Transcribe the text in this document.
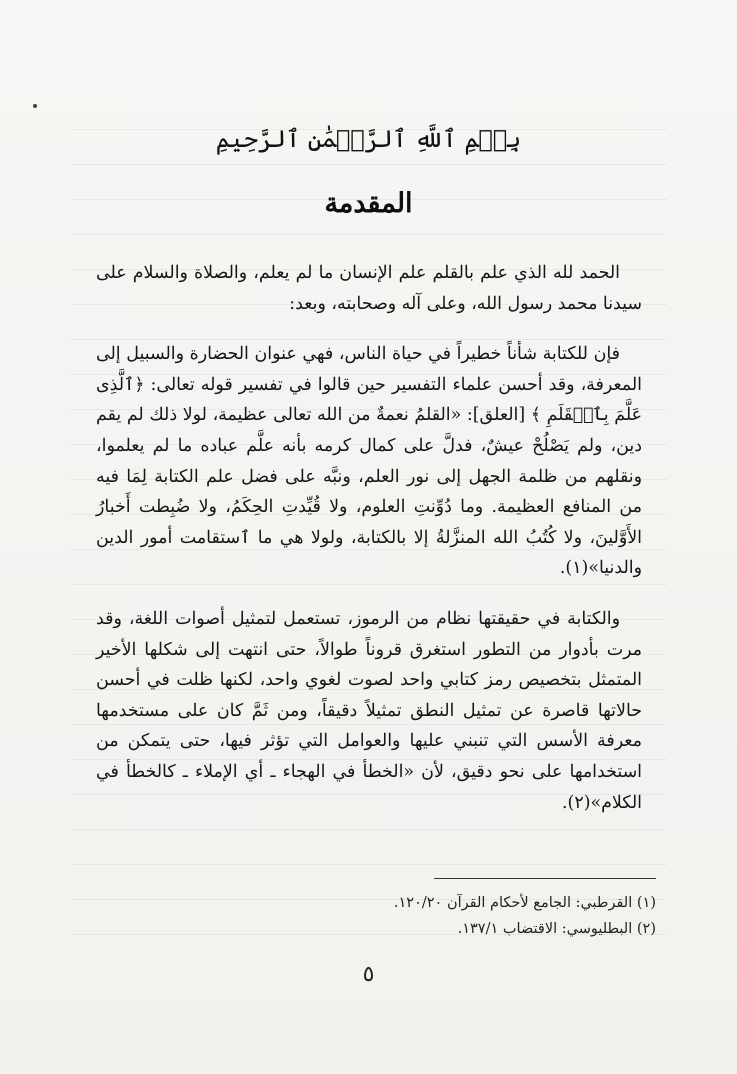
بِسۡمِ ٱللَّهِ ٱلرَّحۡمَٰنِ ٱلرَّحِيمِ
المقدمة

الحمد لله الذي علم بالقلم علم الإنسان ما لم يعلم، والصلاة والسلام على سيدنا محمد رسول الله، وعلى آله وصحابته، وبعد:

فإن للكتابة شأناً خطيراً في حياة الناس، فهي عنوان الحضارة والسبيل إلى المعرفة، وقد أحسن علماء التفسير حين قالوا في تفسير قوله تعالى: ﴿ٱلَّذِى عَلَّمَ بِٱلۡقَلَمِ ﴾ [العلق]: «القلمُ نعمةٌ من الله تعالى عظيمة، لولا ذلك لم يقم دين، ولم يَصْلُحْ عيشٌ، فدلَّ على كمال كرمه بأنه علَّم عباده ما لم يعلموا، ونقلهم من ظلمة الجهل إلى نور العلم، ونبَّه على فضل علم الكتابة لِمَا فيه من المنافع العظيمة. وما دُوِّنتِ العلوم، ولا قُيِّدتِ الحِكَمُ، ولا ضُبِطت أَخبارُ الأَوَّلينَ، ولا كُتُبُ الله المنزَّلةُ إلا بالكتابة، ولولا هي ما ٱستقامت أمور الدين والدنيا»(١).

والكتابة في حقيقتها نظام من الرموز، تستعمل لتمثيل أصوات اللغة، وقد مرت بأدوار من التطور استغرق قروناً طوالاً، حتى انتهت إلى شكلها الأخير المتمثل بتخصيص رمز كتابي واحد لصوت لغوي واحد، لكنها ظلت في أحسن حالاتها قاصرة عن تمثيل النطق تمثيلاً دقيقاً، ومن ثَمَّ كان على مستخدمها معرفة الأسس التي تنبني عليها والعوامل التي تؤثر فيها، حتى يتمكن من استخدامها على نحو دقيق، لأن «الخطأ في الهجاء ـ أي الإملاء ـ كالخطأ في الكلام»(٢).

(١) القرطبي: الجامع لأحكام القرآن ١٢٠/٢٠.
(٢) البطليوسي: الاقتضاب ١٣٧/١.
٥
